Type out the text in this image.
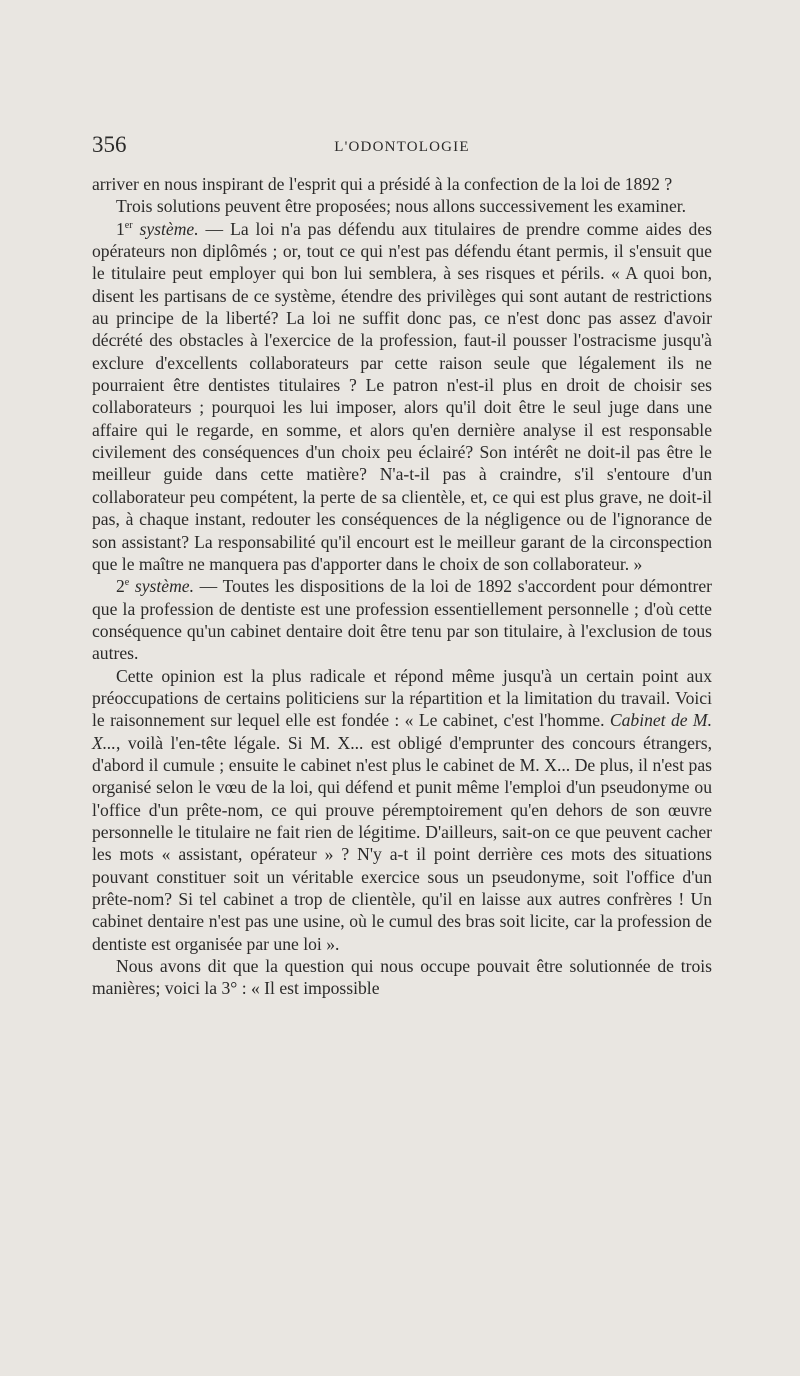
356	L'ODONTOLOGIE

arriver en nous inspirant de l'esprit qui a présidé à la confection de la loi de 1892 ?

Trois solutions peuvent être proposées; nous allons successivement les examiner.

1er système. — La loi n'a pas défendu aux titulaires de prendre comme aides des opérateurs non diplômés ; or, tout ce qui n'est pas défendu étant permis, il s'ensuit que le titulaire peut employer qui bon lui semblera, à ses risques et périls. « A quoi bon, disent les partisans de ce système, étendre des privilèges qui sont autant de restrictions au principe de la liberté? La loi ne suffit donc pas, ce n'est donc pas assez d'avoir décrété des obstacles à l'exercice de la profession, faut-il pousser l'ostracisme jusqu'à exclure d'excellents collaborateurs par cette raison seule que légalement ils ne pourraient être dentistes titulaires ? Le patron n'est-il plus en droit de choisir ses collaborateurs ; pourquoi les lui imposer, alors qu'il doit être le seul juge dans une affaire qui le regarde, en somme, et alors qu'en dernière analyse il est responsable civilement des conséquences d'un choix peu éclairé? Son intérêt ne doit-il pas être le meilleur guide dans cette matière? N'a-t-il pas à craindre, s'il s'entoure d'un collaborateur peu compétent, la perte de sa clientèle, et, ce qui est plus grave, ne doit-il pas, à chaque instant, redouter les conséquences de la négligence ou de l'ignorance de son assistant? La responsabilité qu'il encourt est le meilleur garant de la circonspection que le maître ne manquera pas d'apporter dans le choix de son collaborateur. »

2e système. — Toutes les dispositions de la loi de 1892 s'accordent pour démontrer que la profession de dentiste est une profession essentiellement personnelle ; d'où cette conséquence qu'un cabinet dentaire doit être tenu par son titulaire, à l'exclusion de tous autres.

Cette opinion est la plus radicale et répond même jusqu'à un certain point aux préoccupations de certains politiciens sur la répartition et la limitation du travail. Voici le raisonnement sur lequel elle est fondée : « Le cabinet, c'est l'homme. Cabinet de M. X..., voilà l'en-tête légale. Si M. X... est obligé d'emprunter des concours étrangers, d'abord il cumule ; ensuite le cabinet n'est plus le cabinet de M. X... De plus, il n'est pas organisé selon le vœu de la loi, qui défend et punit même l'emploi d'un pseudonyme ou l'office d'un prête-nom, ce qui prouve péremptoirement qu'en dehors de son œuvre personnelle le titulaire ne fait rien de légitime. D'ailleurs, sait-on ce que peuvent cacher les mots « assistant, opérateur » ? N'y a-t il point derrière ces mots des situations pouvant constituer soit un véritable exercice sous un pseudonyme, soit l'office d'un prête-nom? Si tel cabinet a trop de clientèle, qu'il en laisse aux autres confrères ! Un cabinet dentaire n'est pas une usine, où le cumul des bras soit licite, car la profession de dentiste est organisée par une loi ».

Nous avons dit que la question qui nous occupe pouvait être solutionnée de trois manières; voici la 3° : « Il est impossible
